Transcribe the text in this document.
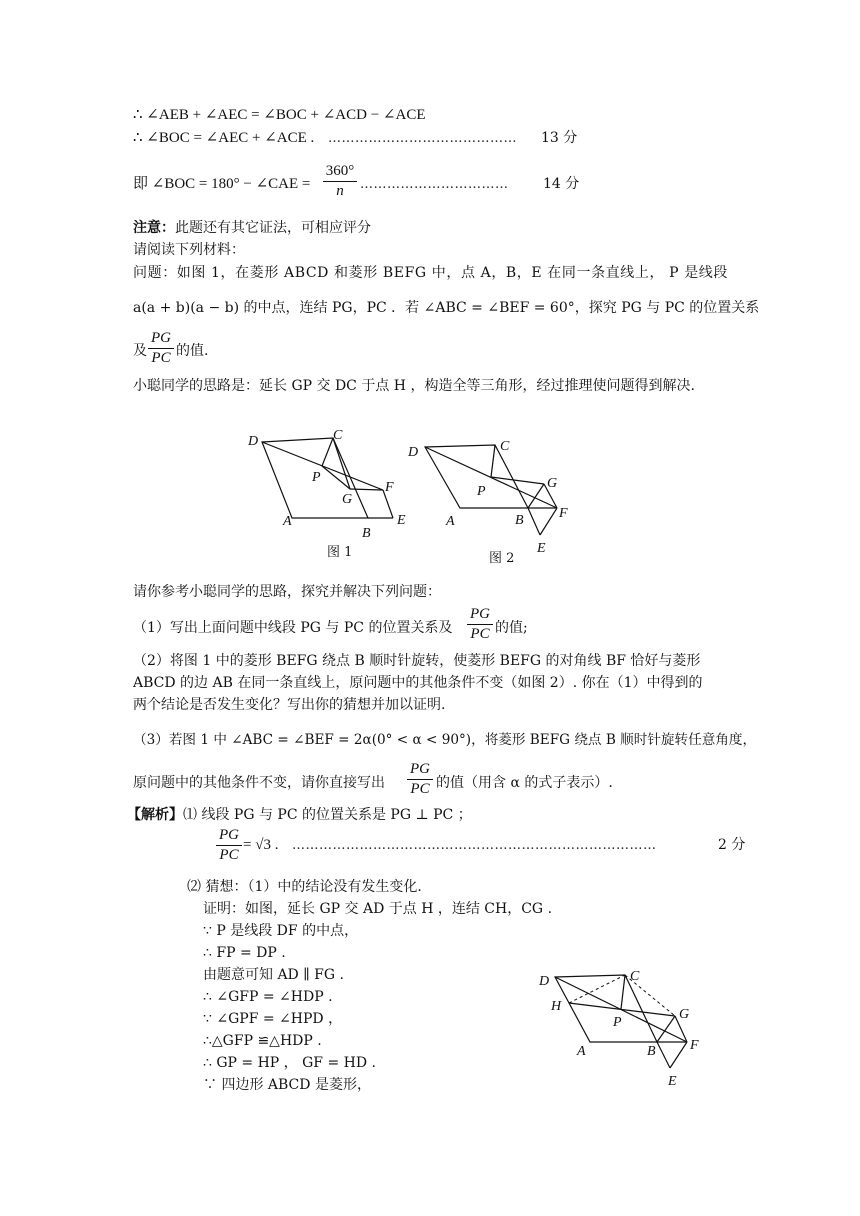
∴ ∠AEB + ∠AEC = ∠BOC + ∠ACD − ∠ACE
∴ ∠BOC = ∠AEC + ∠ACE . …………………………………… 13 分
即 ∠BOC = 180° − ∠CAE =
360°
n	…………………………… 14 分
注意：此题还有其它证法，可相应评分
请阅读下列材料：
问题：如图 1，在菱形 ABCD 和菱形 BEFG 中，点 A，B，E 在同一条直线上， P 是线段
a(a + b)(a − b) 的中点，连结 PG，PC ．若 ∠ABC = ∠BEF = 60°，探究 PG 与 PC 的位置关系
及
PG
PC 的值.
小聪同学的思路是：延长 GP 交 DC 于点 H ，构造全等三角形，经过推理使问题得到解决.
D	C
P
G
F
A
B
E
图 1
D	C
P
G
F
A	B
E
图 2
请你参考小聪同学的思路，探究并解决下列问题：
（1）写出上面问题中线段 PG 与 PC 的位置关系及
PG
PC 的值;
（2）将图 1 中的菱形 BEFG 绕点 B 顺时针旋转，使菱形 BEFG 的对角线 BF 恰好与菱形
ABCD 的边 AB 在同一条直线上，原问题中的其他条件不变（如图 2）. 你在（1）中得到的
两个结论是否发生变化？写出你的猜想并加以证明.
（3）若图 1 中 ∠ABC = ∠BEF = 2α(0° < α < 90°)，将菱形 BEFG 绕点 B 顺时针旋转任意角度，
原问题中的其他条件不变，请你直接写出
PG
PC 的值（用含 α 的式子表示）.
【解析】⑴ 线段 PG 与 PC 的位置关系是 PG ⊥ PC ；
PG
PC
= √3 . ………………………………………………………………………	2 分
⑵ 猜想：（1）中的结论没有发生变化.
证明：如图，延长 GP 交 AD 于点 H ，连结 CH，CG .
∵ P 是线段 DF 的中点，
∴ FP = DP .
由题意可知 AD ∥ FG .
∴ ∠GFP = ∠HDP .
∵ ∠GPF = ∠HPD ，
∴△GFP ≌△HDP .
∴ GP = HP ， GF = HD .
∵ 四边形 ABCD 是菱形，
D	C
H
P
G
F
A	B
E
